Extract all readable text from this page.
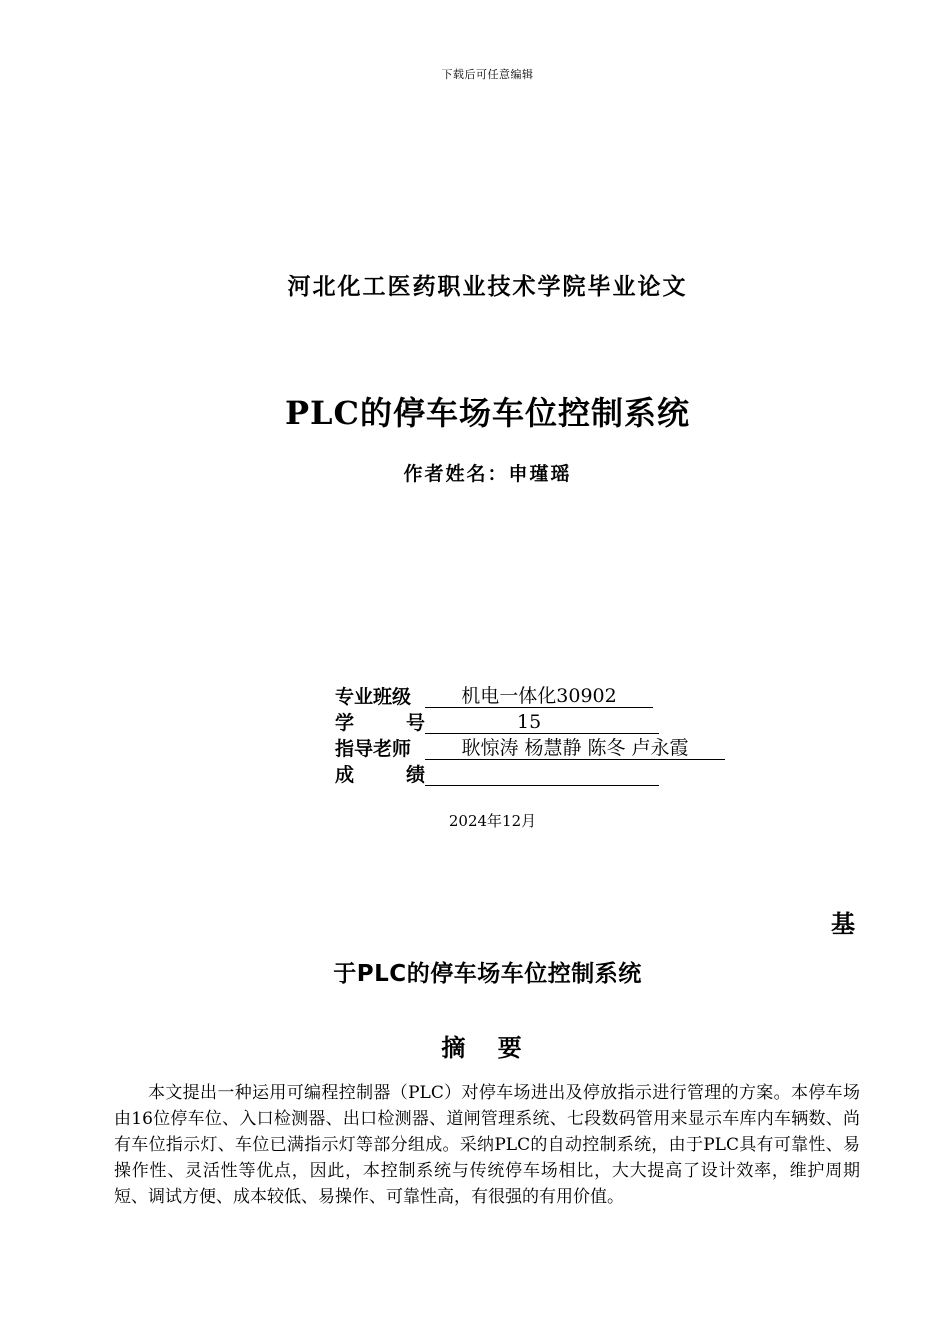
下载后可任意编辑
河北化工医药职业技术学院毕业论文
PLC的停车场车位控制系统
作者姓名：申瑾瑶
专业班级	机电一体化30902
学号	15
指导老师	耿惊涛 杨慧静 陈冬 卢永霞
成绩
2024年12月
基
于PLC的停车场车位控制系统
摘 要
本文提出一种运用可编程控制器（PLC）对停车场进出及停放指示进行管理的方案。本停车场由16位停车位、入口检测器、出口检测器、道闸管理系统、七段数码管用来显示车库内车辆数、尚有车位指示灯、车位已满指示灯等部分组成。采纳PLC的自动控制系统，由于PLC具有可靠性、易操作性、灵活性等优点，因此，本控制系统与传统停车场相比，大大提高了设计效率，维护周期短、调试方便、成本较低、易操作、可靠性高，有很强的有用价值。
